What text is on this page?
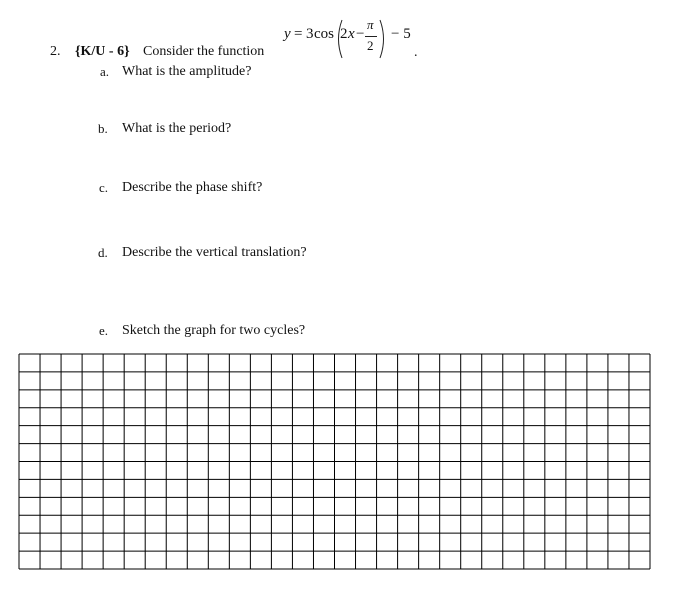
2. {K/U - 6} Consider the function
y = 3 cos 2 x −
π
2
− 5
.
a. What is the amplitude?
b. What is the period?
c. Describe the phase shift?
d. Describe the vertical translation?
e. Sketch the graph for two cycles?
